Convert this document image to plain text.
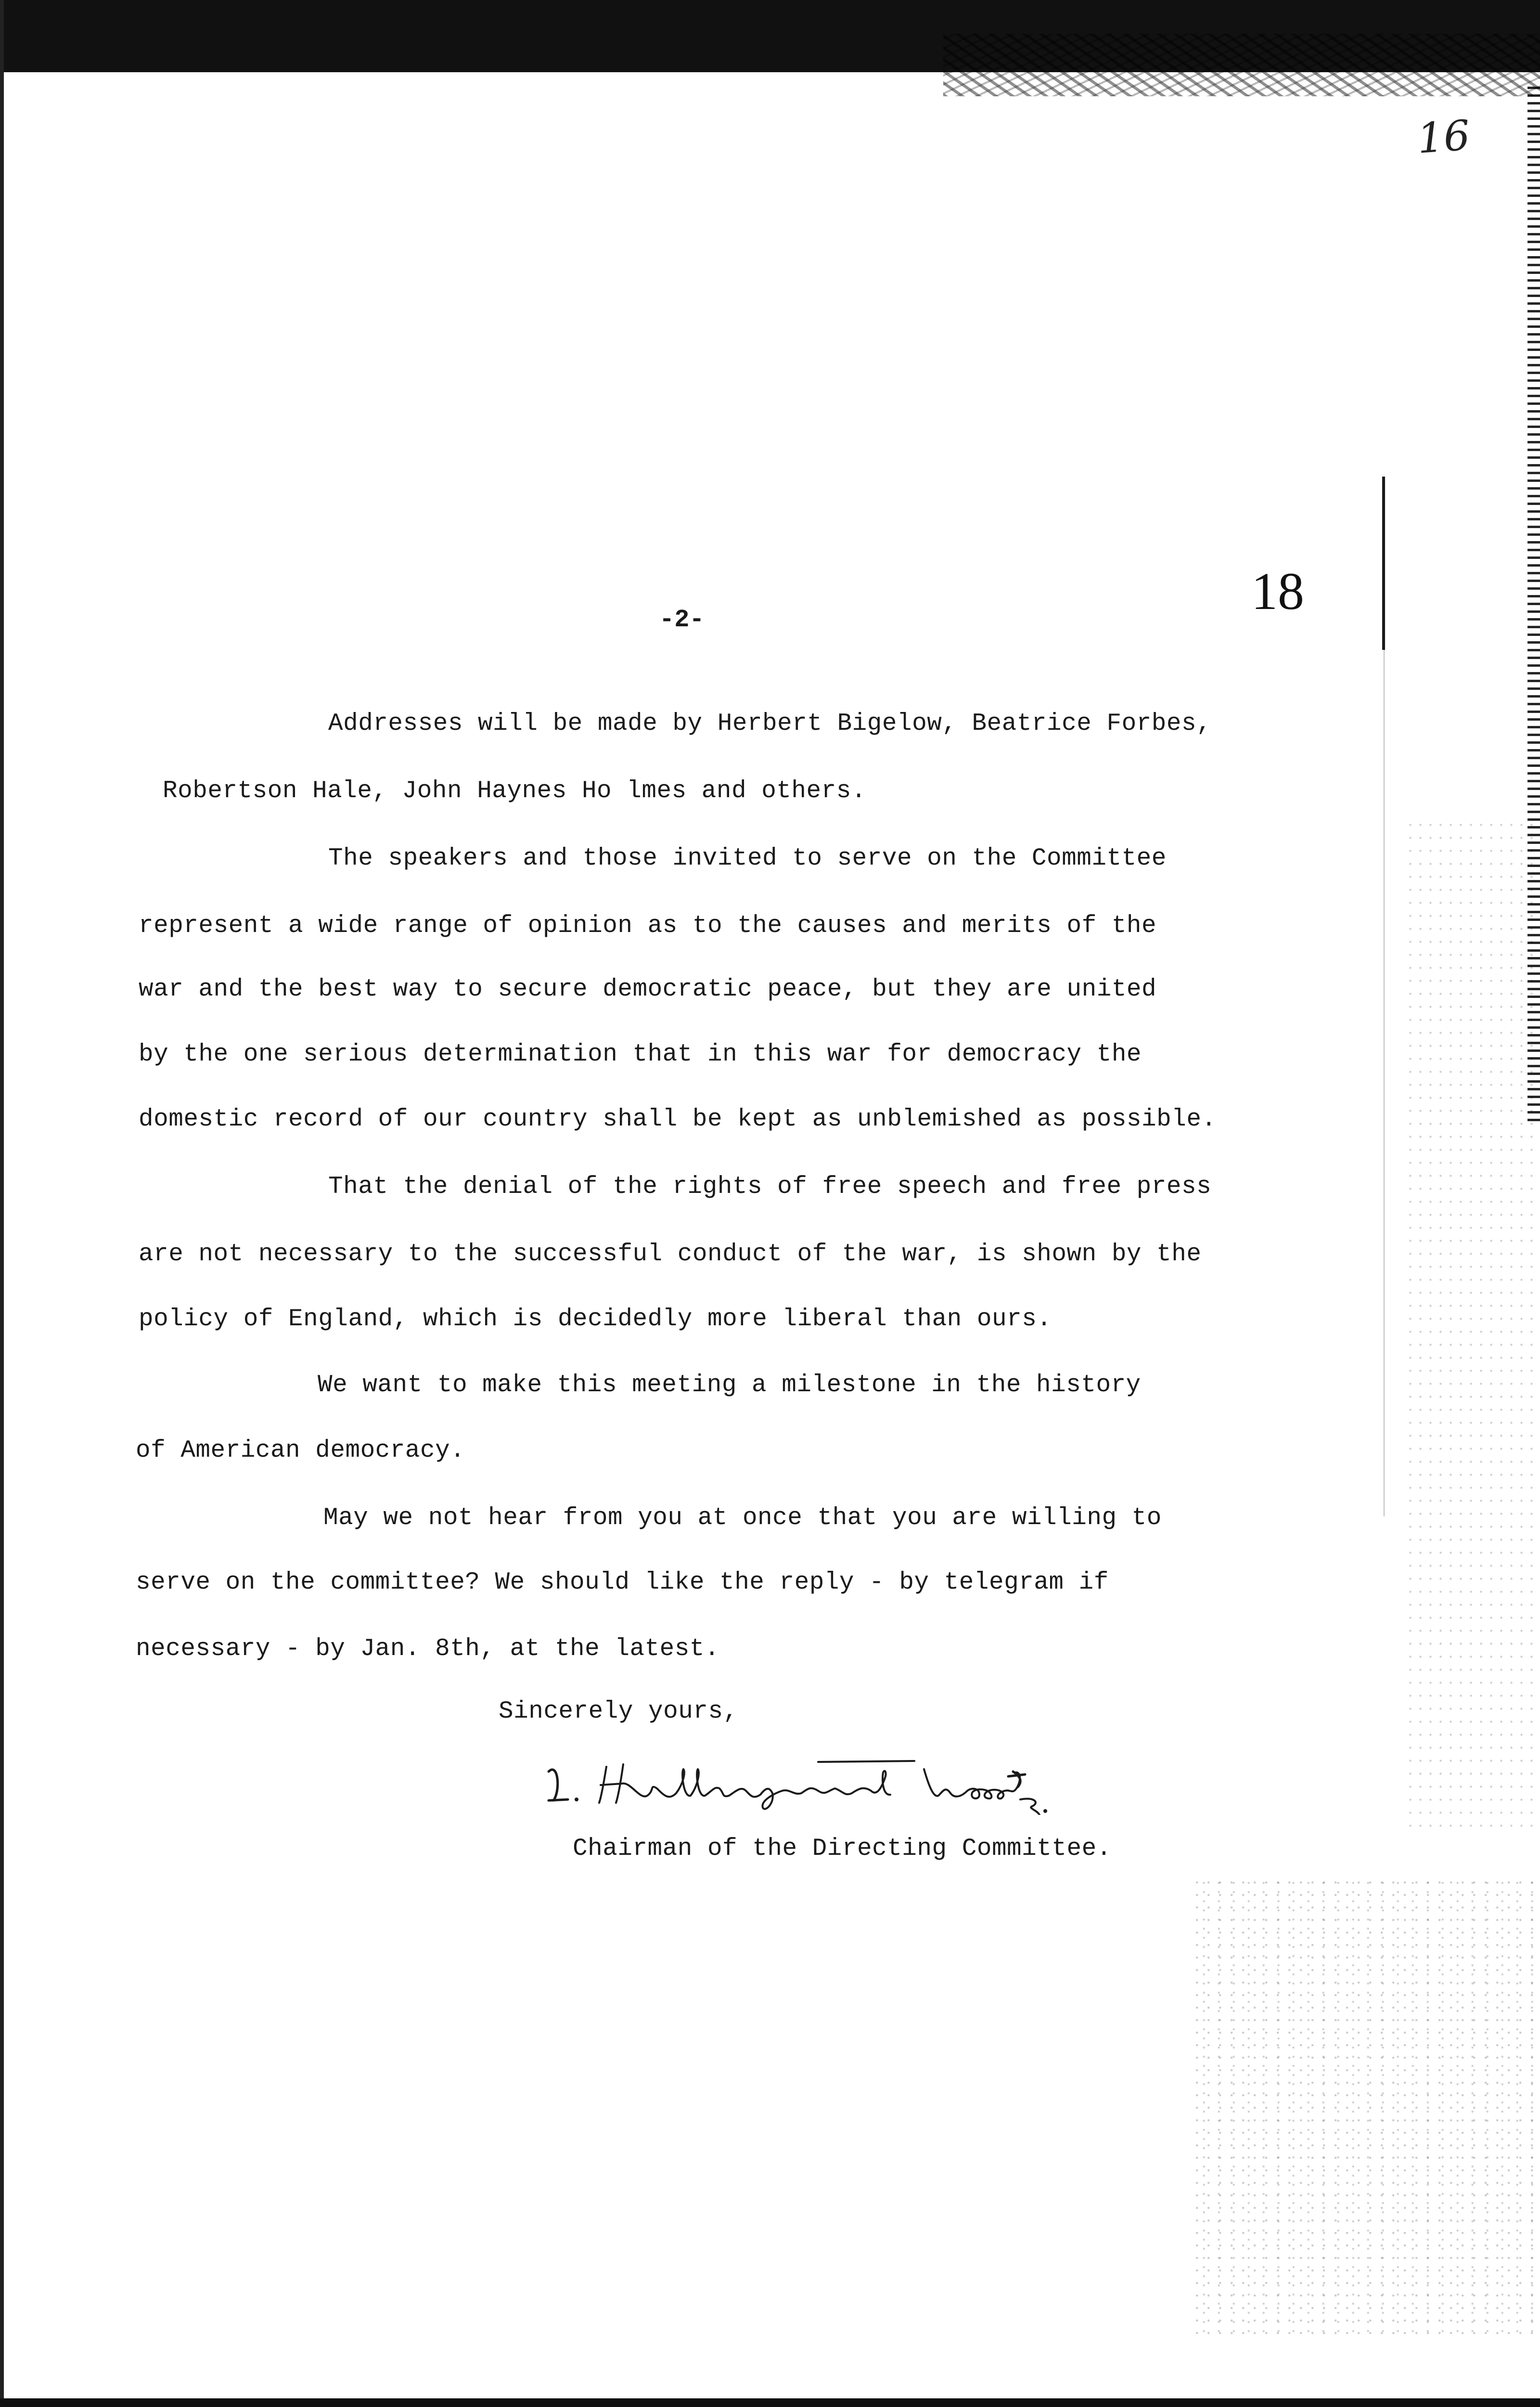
16
18
-2-
Addresses will be made by Herbert Bigelow, Beatrice Forbes,
Robertson Hale, John Haynes Ho lmes and others.
The speakers and those invited to serve on the Committee
represent a wide range of opinion as to the causes and merits of the
war and the best way to secure democratic peace, but they are united
by the one serious determination that in this war for democracy the
domestic record of our country shall be kept as unblemished as possible.
That the denial of the rights of free speech and free press
are not necessary to the successful conduct of the war, is shown by the
policy of England, which is decidedly more liberal than ours.
We want to make this meeting a milestone in the history
of American democracy.
May we not hear from you at once that you are willing to
serve on the committee? We should like the reply - by telegram if
necessary - by Jan. 8th, at the latest.
Sincerely yours,
Chairman of the Directing Committee.
